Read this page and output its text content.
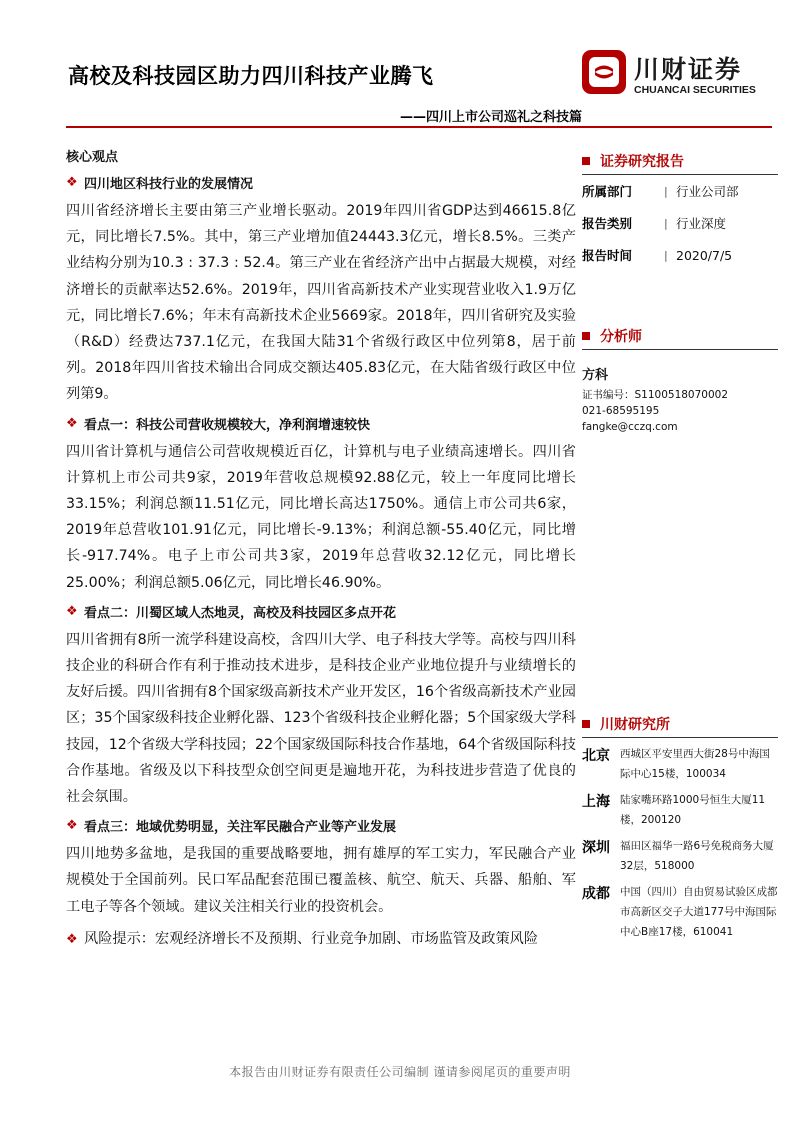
高校及科技园区助力四川科技产业腾飞	川财证券
CHUANCAI SECURITIES
——四川上市公司巡礼之科技篇
核心观点
❖ 四川地区科技行业的发展情况

四川省经济增长主要由第三产业增长驱动。2019年四川省GDP达到46615.8亿元，同比增长7.5%。其中，第三产业增加值24443.3亿元，增长8.5%。三类产业结构分别为10.3 : 37.3 : 52.4。第三产业在省经济产出中占据最大规模，对经济增长的贡献率达52.6%。2019年，四川省高新技术产业实现营业收入1.9万亿元，同比增长7.6%；年末有高新技术企业5669家。2018年，四川省研究及实验（R&D）经费达737.1亿元，在我国大陆31个省级行政区中位列第8，居于前列。2018年四川省技术输出合同成交额达405.83亿元，在大陆省级行政区中位列第9。

❖ 看点一：科技公司营收规模较大，净利润增速较快

四川省计算机与通信公司营收规模近百亿，计算机与电子业绩高速增长。四川省计算机上市公司共9家，2019年营收总规模92.88亿元，较上一年度同比增长33.15%；利润总额11.51亿元，同比增长高达1750%。通信上市公司共6家，2019年总营收101.91亿元，同比增长-9.13%；利润总额-55.40亿元，同比增长-917.74%。电子上市公司共3家，2019年总营收32.12亿元，同比增长25.00%；利润总额5.06亿元，同比增长46.90%。

❖ 看点二：川蜀区域人杰地灵，高校及科技园区多点开花

四川省拥有8所一流学科建设高校，含四川大学、电子科技大学等。高校与四川科技企业的科研合作有利于推动技术进步，是科技企业产业地位提升与业绩增长的友好后援。四川省拥有8个国家级高新技术产业开发区，16个省级高新技术产业园区；35个国家级科技企业孵化器、123个省级科技企业孵化器；5个国家级大学科技园，12个省级大学科技园；22个国家级国际科技合作基地，64个省级国际科技合作基地。省级及以下科技型众创空间更是遍地开花，为科技进步营造了优良的社会氛围。

❖ 看点三：地域优势明显，关注军民融合产业等产业发展

四川地势多盆地，是我国的重要战略要地，拥有雄厚的军工实力，军民融合产业规模处于全国前列。民口军品配套范围已覆盖核、航空、航天、兵器、船舶、军工电子等各个领域。建议关注相关行业的投资机会。

❖ 风险提示：宏观经济增长不及预期、行业竞争加剧、市场监管及政策风险
证券研究报告
所属部门	| 行业公司部
报告类别	| 行业深度
报告时间	| 2020/7/5
分析师
方科
证书编号：S1100518070002
021-68595195
fangke@cczq.com
川财研究所
北京 西城区平安里西大街28号中海国际中心15楼，100034
上海 陆家嘴环路1000号恒生大厦11楼，200120
深圳 福田区福华一路6号免税商务大厦32层，518000
成都 中国（四川）自由贸易试验区成都市高新区交子大道177号中海国际中心B座17楼，610041
本报告由川财证券有限责任公司编制 谨请参阅尾页的重要声明
